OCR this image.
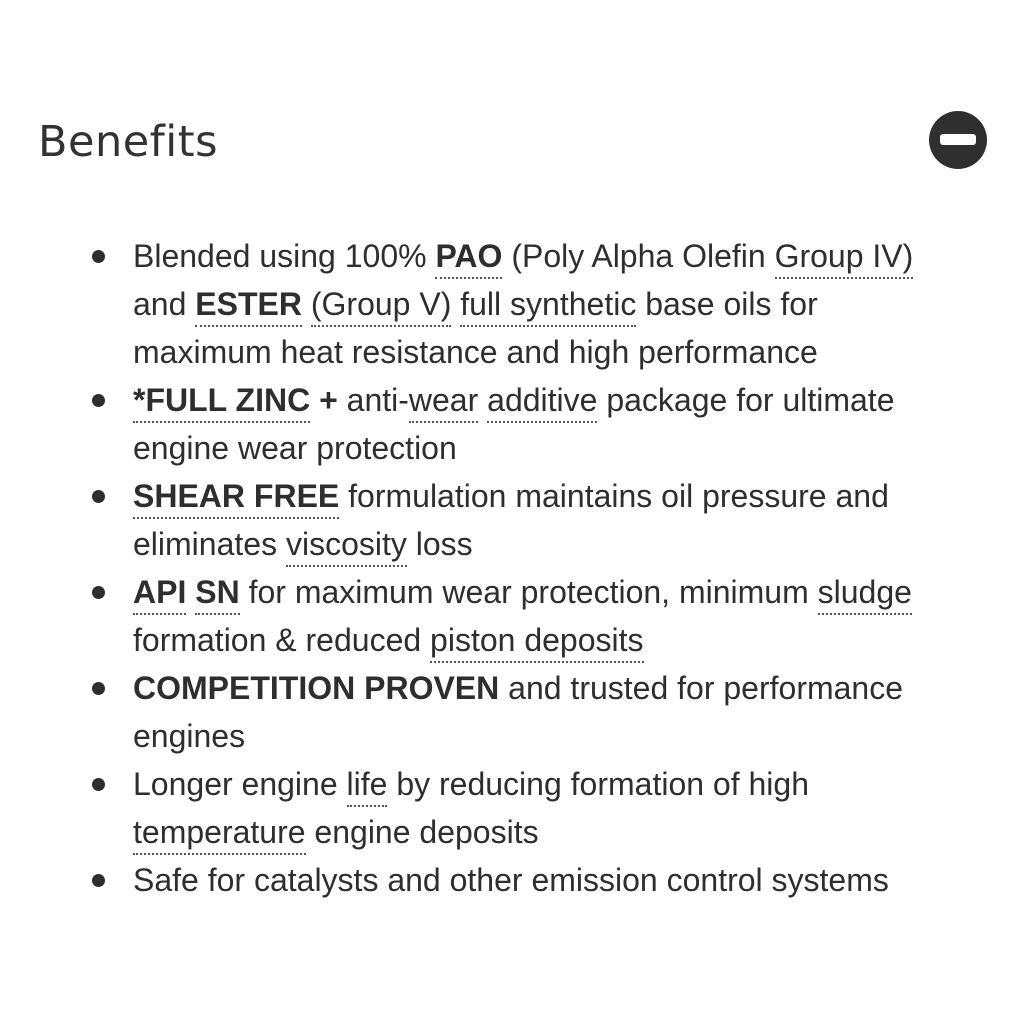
Benefits
Blended using 100% PAO (Poly Alpha Olefin Group IV) and ESTER (Group V) full synthetic base oils for maximum heat resistance and high performance
*FULL ZINC + anti-wear additive package for ultimate engine wear protection
SHEAR FREE formulation maintains oil pressure and eliminates viscosity loss
API SN for maximum wear protection, minimum sludge formation & reduced piston deposits
COMPETITION PROVEN and trusted for performance engines
Longer engine life by reducing formation of high temperature engine deposits
Safe for catalysts and other emission control systems
